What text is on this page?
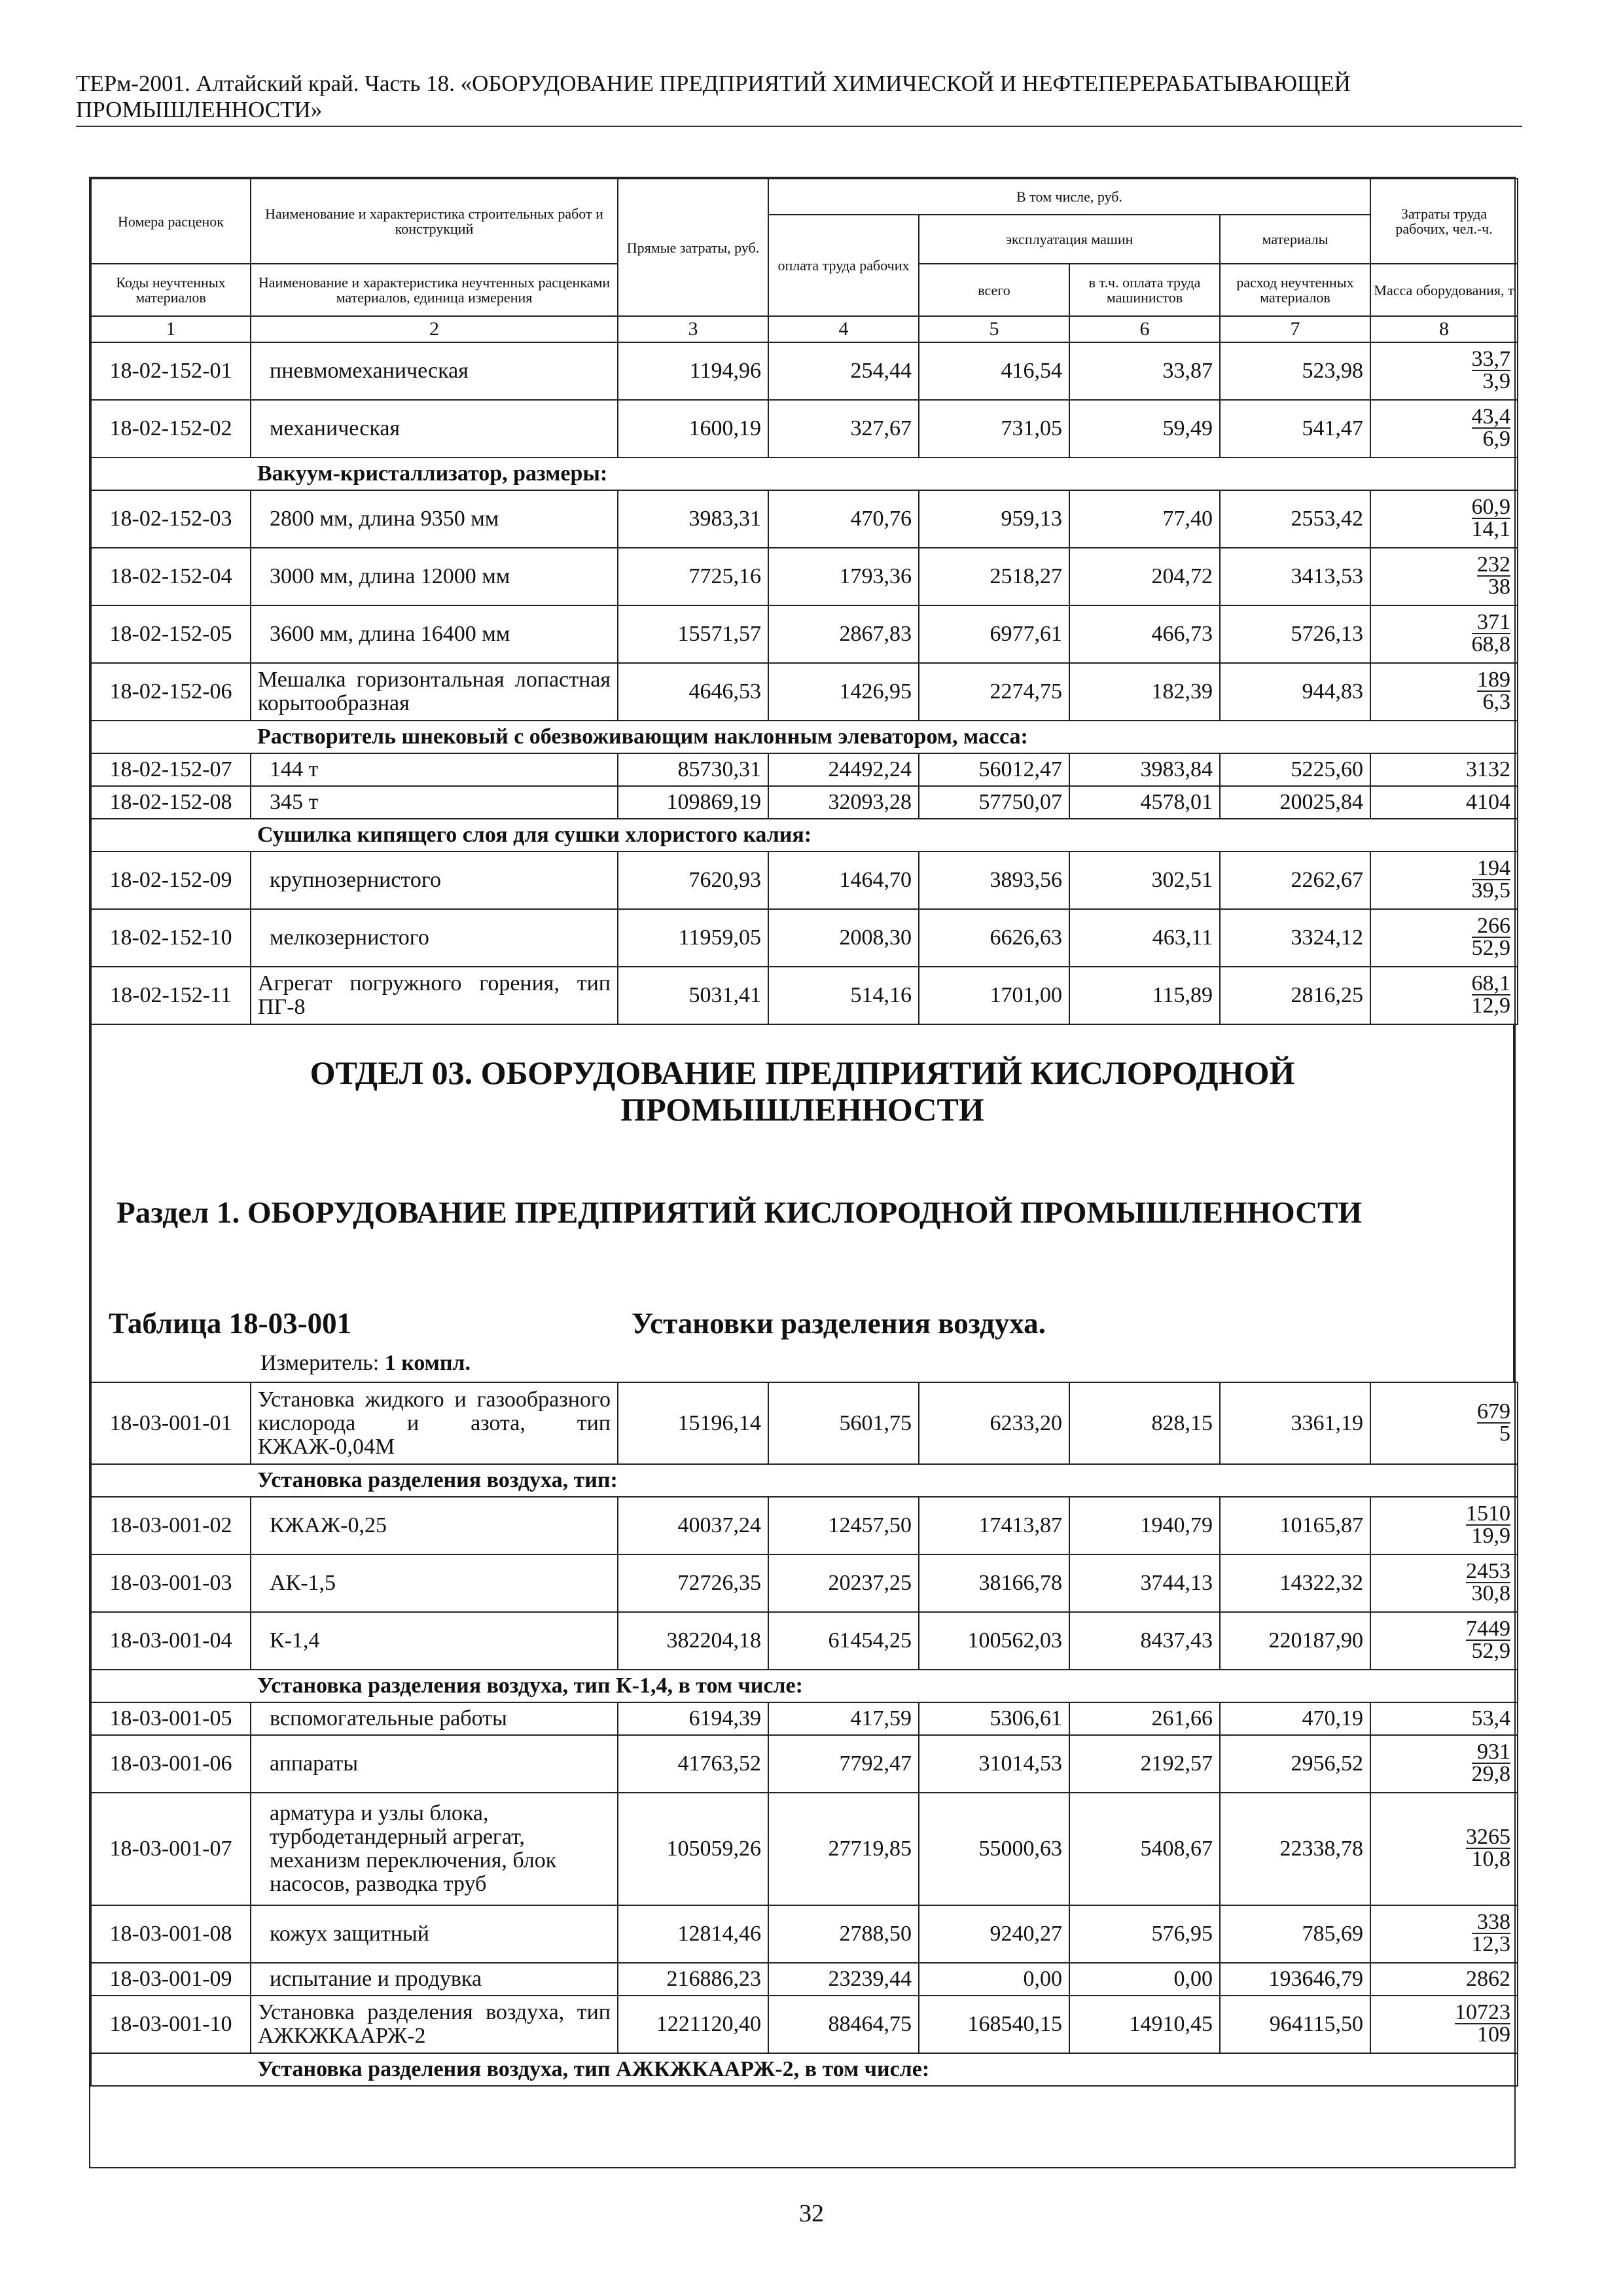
ТЕРм-2001. Алтайский край. Часть 18. «ОБОРУДОВАНИЕ ПРЕДПРИЯТИЙ ХИМИЧЕСКОЙ И НЕФТЕПЕРЕРАБАТЫВАЮЩЕЙ
ПРОМЫШЛЕННОСТИ»
Номера расценок	Наименование и характеристика строительных работ и конструкций	Прямые затраты, руб.	В том числе, руб.				Затраты труда рабочих, чел.-ч.
			оплата труда рабочих	эксплуатация машин		материалы	
Коды неучтенных материалов	Наименование и характеристика неучтенных расценками материалов, единица измерения			всего	в т.ч. оплата труда машинистов	расход неучтенных материалов	Масса оборудования, т
1	2	3	4	5	6	7	8
18-02-152-01	пневмомеханическая	1194,96	254,44	416,54	33,87	523,98	$\frac{33,7}{3,9}$

18-02-152-02	механическая	1600,19	327,67	731,05	59,49	541,47	$\frac{43,4}{6,9}$

	Вакуум-кристаллизатор, размеры:						
18-02-152-03	2800 мм, длина 9350 мм	3983,31	470,76	959,13	77,40	2553,42	$\frac{60,9}{14,1}$

18-02-152-04	3000 мм, длина 12000 мм	7725,16	1793,36	2518,27	204,72	3413,53	$\frac{232}{38}$

18-02-152-05	3600 мм, длина 16400 мм	15571,57	2867,83	6977,61	466,73	5726,13	$\frac{371}{68,8}$

18-02-152-06	Мешалка горизонтальная лопастная корытообразная	4646,53	1426,95	2274,75	182,39	944,83	$\frac{189}{6,3}$

	Растворитель шнековый с обезвоживающим наклонным элеватором, масса:						
18-02-152-07	144 т	85730,31	24492,24	56012,47	3983,84	5225,60	3132
18-02-152-08	345 т	109869,19	32093,28	57750,07	4578,01	20025,84	4104
	Сушилка кипящего слоя для сушки хлористого калия:						
18-02-152-09	крупнозернистого	7620,93	1464,70	3893,56	302,51	2262,67	$\frac{194}{39,5}$

18-02-152-10	мелкозернистого	11959,05	2008,30	6626,63	463,11	3324,12	$\frac{266}{52,9}$

18-02-152-11	Агрегат погружного горения, тип ПГ-8	5031,41	514,16	1701,00	115,89	2816,25	$\frac{68,1}{12,9}$
ОТДЕЛ 03. ОБОРУДОВАНИЕ ПРЕДПРИЯТИЙ КИСЛОРОДНОЙ
ПРОМЫШЛЕННОСТИ
Раздел 1. ОБОРУДОВАНИЕ ПРЕДПРИЯТИЙ КИСЛОРОДНОЙ ПРОМЫШЛЕННОСТИ
Таблица 18-03-001	Установки разделения воздуха.
Измеритель: 1 компл.
18-03-001-01	Установка жидкого и газообразного кислорода и азота, тип КЖАЖ-0,04М	15196,14	5601,75	6233,20	828,15	3361,19	$\frac{679}{5}$

	Установка разделения воздуха, тип:						
18-03-001-02	КЖАЖ-0,25	40037,24	12457,50	17413,87	1940,79	10165,87	$\frac{1510}{19,9}$

18-03-001-03	АК-1,5	72726,35	20237,25	38166,78	3744,13	14322,32	$\frac{2453}{30,8}$

18-03-001-04	К-1,4	382204,18	61454,25	100562,03	8437,43	220187,90	$\frac{7449}{52,9}$

	Установка разделения воздуха, тип К-1,4, в том числе:						
18-03-001-05	вспомогательные работы	6194,39	417,59	5306,61	261,66	470,19	53,4
18-03-001-06	аппараты	41763,52	7792,47	31014,53	2192,57	2956,52	$\frac{931}{29,8}$

18-03-001-07	арматура и узлы блока, турбодетандерный агрегат, механизм переключения, блок насосов, разводка труб	105059,26	27719,85	55000,63	5408,67	22338,78	$\frac{3265}{10,8}$

18-03-001-08	кожух защитный	12814,46	2788,50	9240,27	576,95	785,69	$\frac{338}{12,3}$

18-03-001-09	испытание и продувка	216886,23	23239,44	0,00	0,00	193646,79	2862
18-03-001-10	Установка разделения воздуха, тип АЖКЖКААРЖ-2	1221120,40	88464,75	168540,15	14910,45	964115,50	$\frac{10723}{109}$

	Установка разделения воздуха, тип АЖКЖКААРЖ-2, в том числе:						
32
